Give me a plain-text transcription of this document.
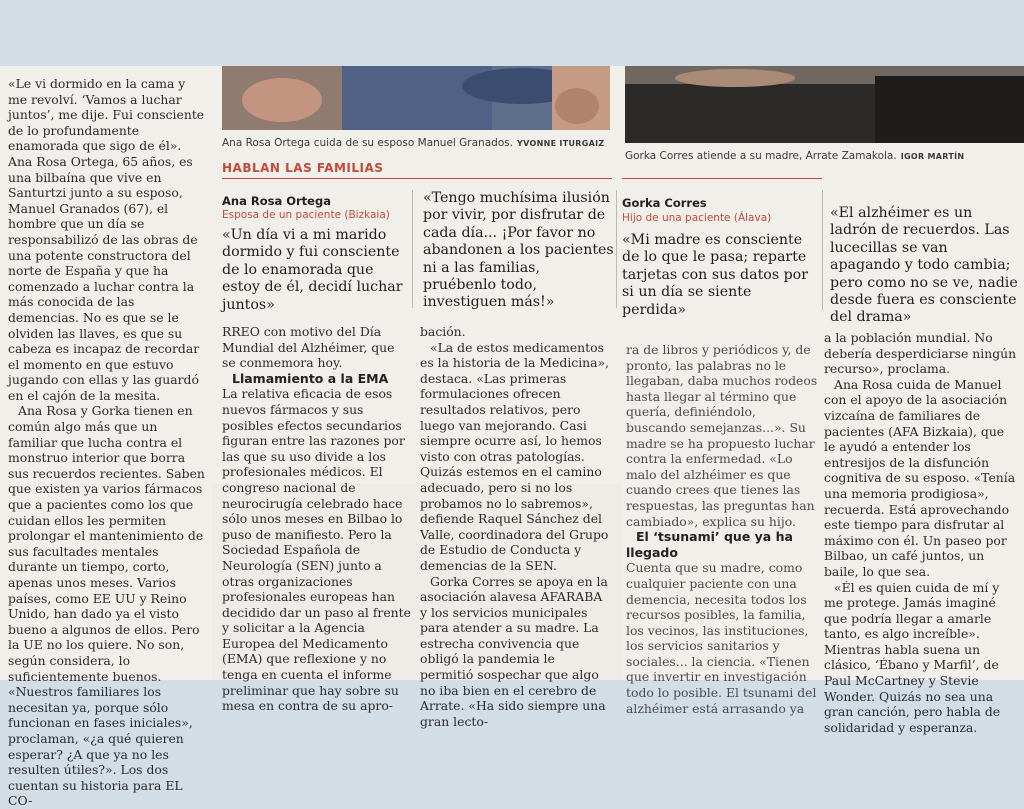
Ana Rosa Ortega cuida de su esposo Manuel Granados. YVONNE ITURGAIZ
Gorka Corres atiende a su madre, Arrate Zamakola. IGOR MARTÍN
HABLAN LAS FAMILIAS
Ana Rosa Ortega
Esposa de un paciente (Bizkaia)
«Un día vi a mi marido dormido y fui consciente de lo enamorada que estoy de él, decidí luchar juntos»
«Tengo muchísima ilusión por vivir, por disfrutar de cada día... ¡Por favor no abandonen a los pacientes ni a las familias, pruébenlo todo, investiguen más!»
Gorka Corres
Hijo de una paciente (Álava)
«Mi madre es consciente de lo que le pasa; reparte tarjetas con sus datos por si un día se siente perdida»
«El alzhéimer es un ladrón de recuerdos. Las lucecillas se van apagando y todo cambia; pero como no se ve, nadie desde fuera es consciente del drama»

«Le vi dormido en la cama y me revolví. ‘Vamos a luchar juntos’, me dije. Fui consciente de lo profundamente enamorada que sigo de él». Ana Rosa Ortega, 65 años, es una bilbaína que vive en Santurtzi junto a su esposo, Manuel Granados (67), el hombre que un día se responsabilizó de las obras de una potente constructora del norte de España y que ha comenzado a luchar contra la más conocida de las demencias. No es que se le olviden las llaves, es que su cabeza es incapaz de recordar el momento en que estuvo jugando con ellas y las guardó en el cajón de la mesita.

Ana Rosa y Gorka tienen en común algo más que un familiar que lucha contra el monstruo interior que borra sus recuerdos recientes. Saben que existen ya varios fármacos que a pacientes como los que cuidan ellos les permiten prolongar el mantenimiento de sus facultades mentales durante un tiempo, corto, apenas unos meses. Varios países, como EE UU y Reino Unido, han dado ya el visto bueno a algunos de ellos. Pero la UE no los quiere. No son, según considera, lo suficientemente buenos. «Nuestros familiares los necesitan ya, porque sólo funcionan en fases iniciales», proclaman, «¿a qué quieren esperar? ¿A que ya no les resulten útiles?». Los dos cuentan su historia para EL CO-

RREO con motivo del Día Mundial del Alzhéimer, que se conmemora hoy.

Llamamiento a la EMA

La relativa eficacia de esos nuevos fármacos y sus posibles efectos secundarios figuran entre las razones por las que su uso divide a los profesionales médicos. El congreso nacional de neurocirugía celebrado hace sólo unos meses en Bilbao lo puso de manifiesto. Pero la Sociedad Española de Neurología (SEN) junto a otras organizaciones profesionales europeas han decidido dar un paso al frente y solicitar a la Agencia Europea del Medicamento (EMA) que reflexione y no tenga en cuenta el informe preliminar que hay sobre su mesa en contra de su apro-

bación.

«La de estos medicamentos es la historia de la Medicina», destaca. «Las primeras formulaciones ofrecen resultados relativos, pero luego van mejorando. Casi siempre ocurre así, lo hemos visto con otras patologías. Quizás estemos en el camino adecuado, pero si no los probamos no lo sabremos», defiende Raquel Sánchez del Valle, coordinadora del Grupo de Estudio de Conducta y demencias de la SEN.

Gorka Corres se apoya en la asociación alavesa AFARABA y los servicios municipales para atender a su madre. La estrecha convivencia que obligó la pandemia le permitió sospechar que algo no iba bien en el cerebro de Arrate. «Ha sido siempre una gran lecto-

ra de libros y periódicos y, de pronto, las palabras no le llegaban, daba muchos rodeos hasta llegar al término que quería, definiéndolo, buscando semejanzas...». Su madre se ha propuesto luchar contra la enfermedad. «Lo malo del alzhéimer es que cuando crees que tienes las respuestas, las preguntas han cambiado», explica su hijo.

El ‘tsunami’ que ya ha llegado

Cuenta que su madre, como cualquier paciente con una demencia, necesita todos los recursos posibles, la familia, los vecinos, las instituciones, los servicios sanitarios y sociales... la ciencia. «Tienen que invertir en investigación todo lo posible. El tsunami del alzhéimer está arrasando ya

a la población mundial. No debería desperdiciarse ningún recurso», proclama.

Ana Rosa cuida de Manuel con el apoyo de la asociación vizcaína de familiares de pacientes (AFA Bizkaia), que le ayudó a entender los entresijos de la disfunción cognitiva de su esposo. «Tenía una memoria prodigiosa», recuerda. Está aprovechando este tiempo para disfrutar al máximo con él. Un paseo por Bilbao, un café juntos, un baile, lo que sea.

«Él es quien cuida de mí y me protege. Jamás imaginé que podría llegar a amarle tanto, es algo increíble». Mientras habla suena un clásico, ‘Ébano y Marfil’, de Paul McCartney y Stevie Wonder. Quizás no sea una gran canción, pero habla de solidaridad y esperanza.
